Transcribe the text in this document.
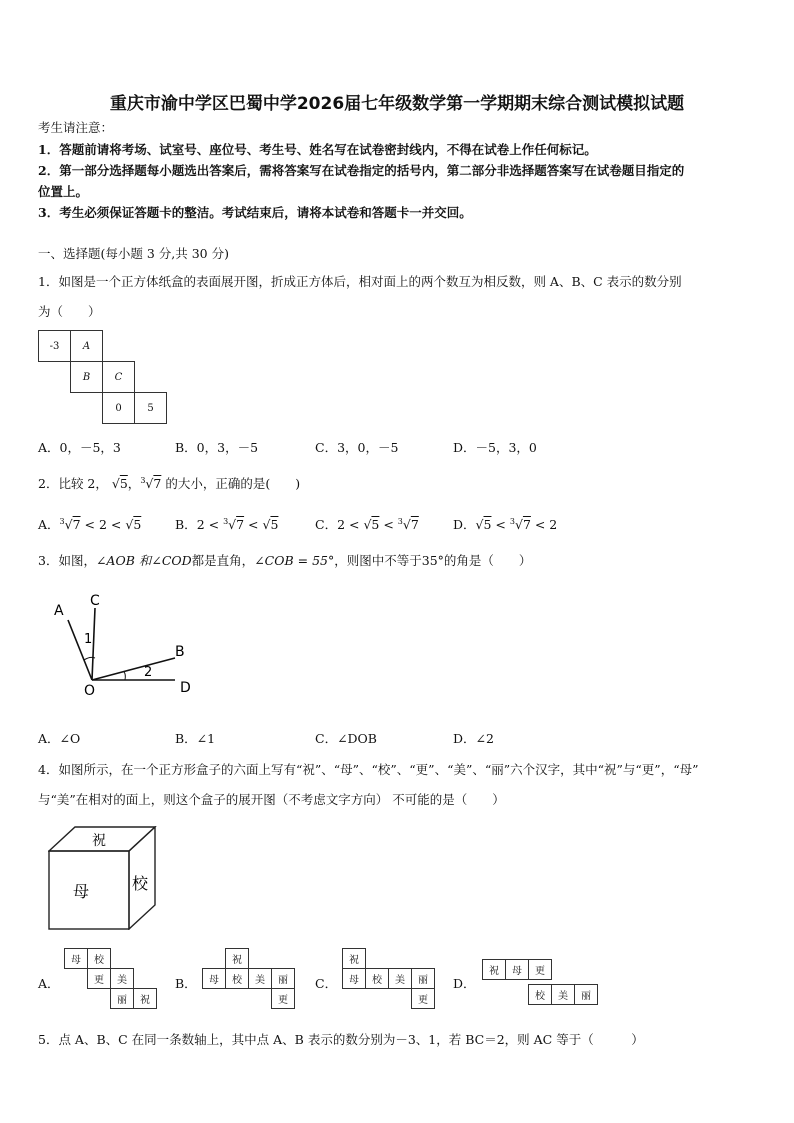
重庆市渝中学区巴蜀中学2026届七年级数学第一学期期末综合测试模拟试题
考生请注意：
1．答题前请将考场、试室号、座位号、考生号、姓名写在试卷密封线内，不得在试卷上作任何标记。
2．第一部分选择题每小题选出答案后，需将答案写在试卷指定的括号内，第二部分非选择题答案写在试卷题目指定的
位置上。
3．考生必须保证答题卡的整洁。考试结束后，请将本试卷和答题卡一并交回。
一、选择题(每小题 3 分,共 30 分)
1．如图是一个正方体纸盒的表面展开图，折成正方体后，相对面上的两个数互为相反数，则 A、B、C 表示的数分别
为（　　）
-3	A
B	C
0	5
A．0，－5，3	B．0，3，－5	C．3，0，－5	D．－5，3，0
2．比较 2， √5，$^3$√7 的大小，正确的是(　　)
A．$^3$√7 < 2 < √5	B．2 < $^3$√7 < √5	C．2 < √5 < $^3$√7	D．√5 < $^3$√7 < 2
3．如图，∠AOB 和∠COD都是直角，∠COB = 55°，则图中不等于35°的角是（　　）
A
C
1
B
2
O	D
A．∠O	B．∠1	C．∠DOB	D．∠2
4．如图所示，在一个正方形盒子的六面上写有“祝”、“母”、“校”、“更”、“美”、“丽”六个汉字，其中“祝”与“更”，“母”
与“美”在相对的面上，则这个盒子的展开图（不考虑文字方向） 不可能的是（　　）
祝
母	校
A．
母	校
更	美
丽	祝
B．
祝
母	校	美	丽
更
C．
祝
母	校	美	丽
更
D．
祝	母	更
校	美	丽
5．点 A、B、C 在同一条数轴上，其中点 A、B 表示的数分别为－3、1，若 BC＝2，则 AC 等于（　　　）
